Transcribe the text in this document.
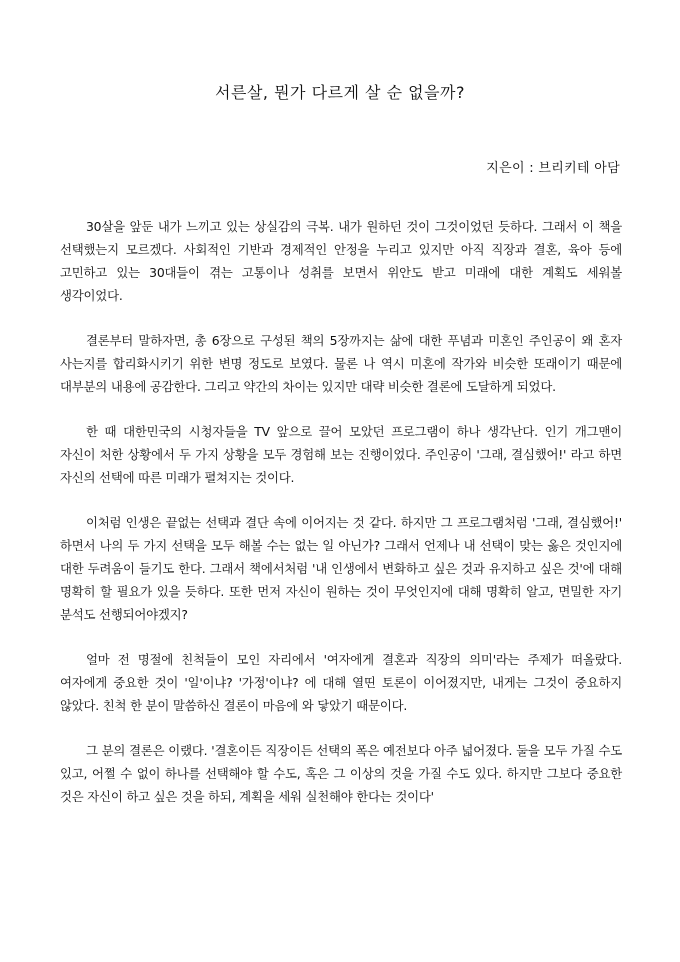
서른살, 뭔가 다르게 살 순 없을까?
지은이 : 브리키테 아담

30살을 앞둔 내가 느끼고 있는 상실감의 극복. 내가 원하던 것이 그것이었던 듯하다. 그래서 이 책을 선택했는지 모르겠다. 사회적인 기반과 경제적인 안정을 누리고 있지만 아직 직장과 결혼, 육아 등에 고민하고 있는 30대들이 겪는 고통이나 성취를 보면서 위안도 받고 미래에 대한 계획도 세워볼 생각이었다.

결론부터 말하자면, 총 6장으로 구성된 책의 5장까지는 삶에 대한 푸념과 미혼인 주인공이 왜 혼자 사는지를 합리화시키기 위한 변명 정도로 보였다. 물론 나 역시 미혼에 작가와 비슷한 또래이기 때문에 대부분의 내용에 공감한다. 그리고 약간의 차이는 있지만 대략 비슷한 결론에 도달하게 되었다.

한 때 대한민국의 시청자들을 TV 앞으로 끌어 모았던 프로그램이 하나 생각난다. 인기 개그맨이 자신이 처한 상황에서 두 가지 상황을 모두 경험해 보는 진행이었다. 주인공이 '그래, 결심했어!' 라고 하면 자신의 선택에 따른 미래가 펼쳐지는 것이다.

이처럼 인생은 끝없는 선택과 결단 속에 이어지는 것 같다. 하지만 그 프로그램처럼 '그래, 결심했어!' 하면서 나의 두 가지 선택을 모두 해볼 수는 없는 일 아닌가? 그래서 언제나 내 선택이 맞는 옳은 것인지에 대한 두려움이 들기도 한다. 그래서 책에서처럼 '내 인생에서 변화하고 싶은 것과 유지하고 싶은 것'에 대해 명확히 할 필요가 있을 듯하다. 또한 먼저 자신이 원하는 것이 무엇인지에 대해 명확히 알고, 면밀한 자기 분석도 선행되어야겠지?

얼마 전 명절에 친척들이 모인 자리에서 '여자에게 결혼과 직장의 의미'라는 주제가 떠올랐다. 여자에게 중요한 것이 '일'이냐? '가정'이냐? 에 대해 열띤 토론이 이어졌지만, 내게는 그것이 중요하지 않았다. 친척 한 분이 말씀하신 결론이 마음에 와 닿았기 때문이다.

그 분의 결론은 이랬다. '결혼이든 직장이든 선택의 폭은 예전보다 아주 넓어졌다. 둘을 모두 가질 수도 있고, 어쩔 수 없이 하나를 선택해야 할 수도, 혹은 그 이상의 것을 가질 수도 있다. 하지만 그보다 중요한 것은 자신이 하고 싶은 것을 하되, 계획을 세워 실천해야 한다는 것이다'
